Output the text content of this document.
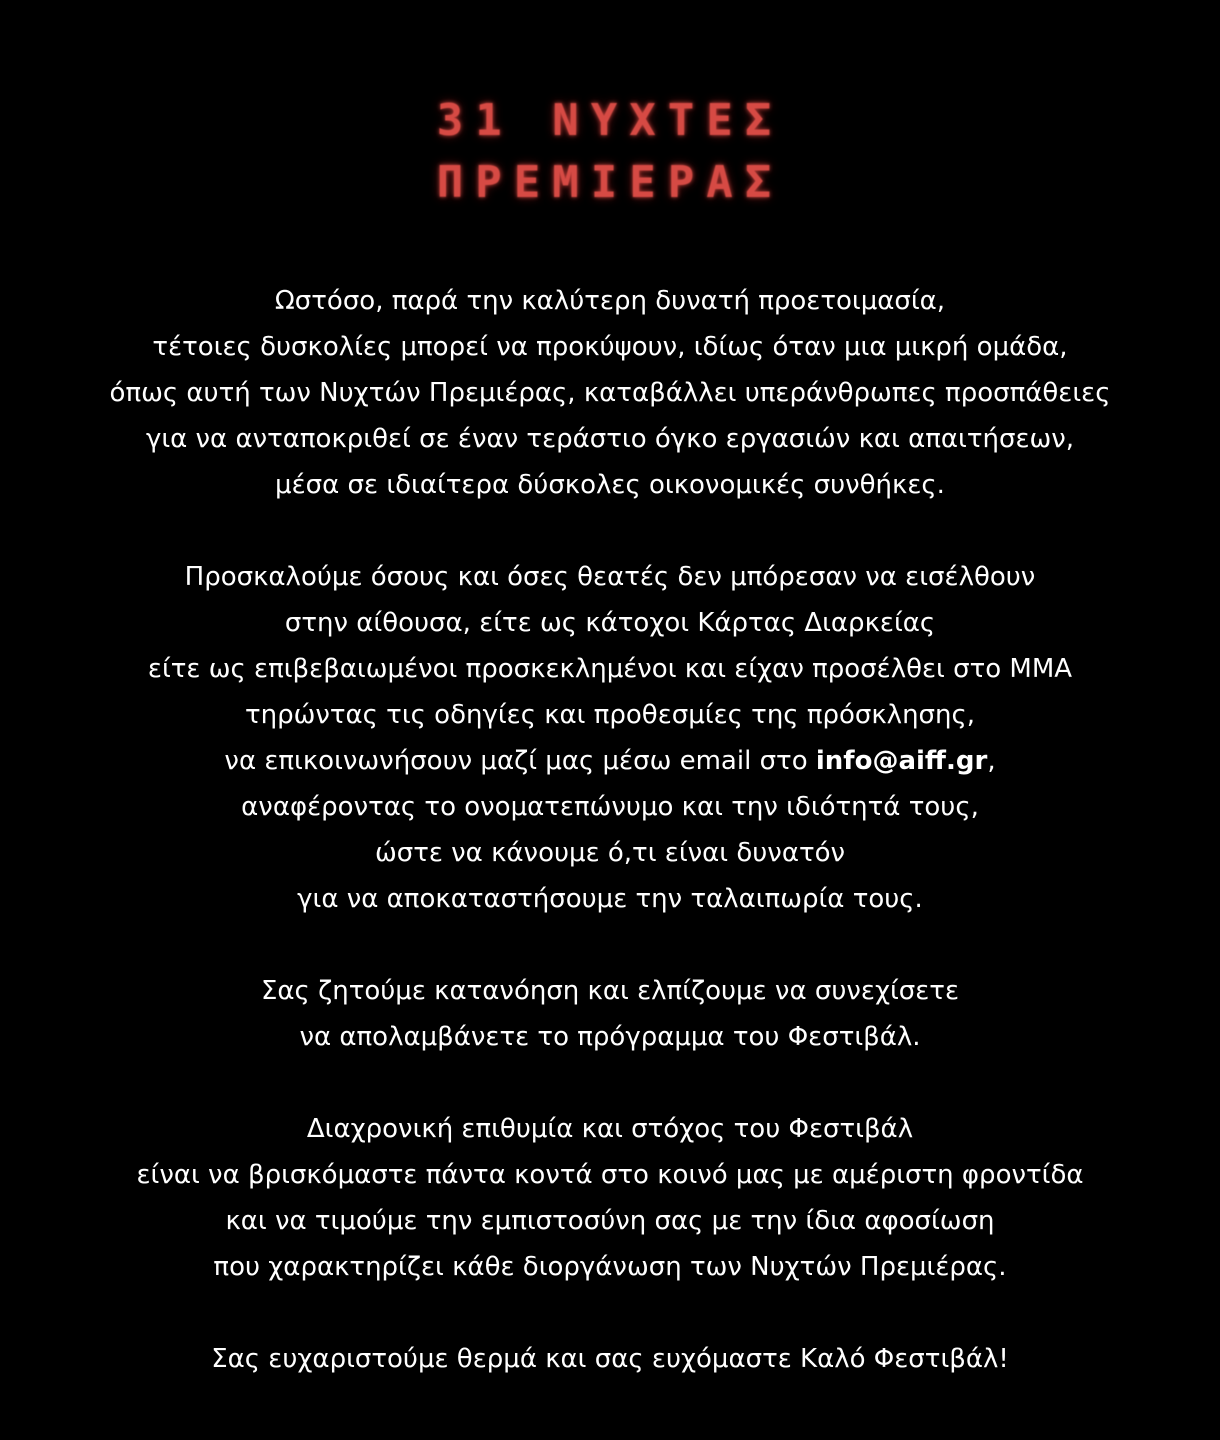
31 ΝΥΧΤΕΣ
ΠΡΕΜΙΕΡΑΣ
Ωστόσο, παρά την καλύτερη δυνατή προετοιμασία,
τέτοιες δυσκολίες μπορεί να προκύψουν, ιδίως όταν μια μικρή ομάδα,
όπως αυτή των Νυχτών Πρεμιέρας, καταβάλλει υπεράνθρωπες προσπάθειες
για να ανταποκριθεί σε έναν τεράστιο όγκο εργασιών και απαιτήσεων,
μέσα σε ιδιαίτερα δύσκολες οικονομικές συνθήκες.
Προσκαλούμε όσους και όσες θεατές δεν μπόρεσαν να εισέλθουν
στην αίθουσα, είτε ως κάτοχοι Κάρτας Διαρκείας
είτε ως επιβεβαιωμένοι προσκεκλημένοι και είχαν προσέλθει στο ΜΜΑ
τηρώντας τις οδηγίες και προθεσμίες της πρόσκλησης,
να επικοινωνήσουν μαζί μας μέσω email στο info@aiff.gr,
αναφέροντας το ονοματεπώνυμο και την ιδιότητά τους,
ώστε να κάνουμε ό,τι είναι δυνατόν
για να αποκαταστήσουμε την ταλαιπωρία τους.
Σας ζητούμε κατανόηση και ελπίζουμε να συνεχίσετε
να απολαμβάνετε το πρόγραμμα του Φεστιβάλ.
Διαχρονική επιθυμία και στόχος του Φεστιβάλ
είναι να βρισκόμαστε πάντα κοντά στο κοινό μας με αμέριστη φροντίδα
και να τιμούμε την εμπιστοσύνη σας με την ίδια αφοσίωση
που χαρακτηρίζει κάθε διοργάνωση των Νυχτών Πρεμιέρας.
Σας ευχαριστούμε θερμά και σας ευχόμαστε Καλό Φεστιβάλ!
